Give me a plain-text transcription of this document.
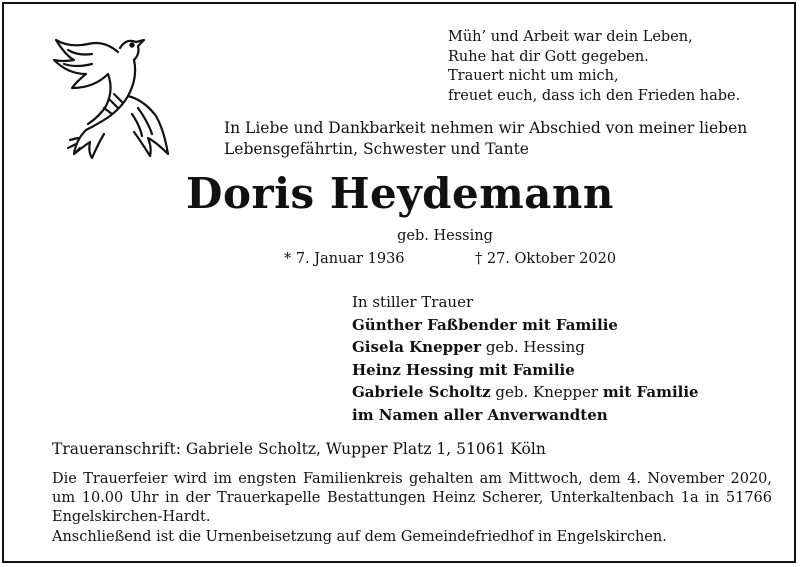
Müh’ und Arbeit war dein Leben,
Ruhe hat dir Gott gegeben.
Trauert nicht um mich,
freuet euch, dass ich den Frieden habe.
In Liebe und Dankbarkeit nehmen wir Abschied von meiner lieben
Lebensgefährtin, Schwester und Tante
Doris Heydemann
geb. Hessing
* 7. Januar 1936	† 27. Oktober 2020
In stiller Trauer
Günther Faßbender mit Familie
Gisela Knepper geb. Hessing
Heinz Hessing mit Familie
Gabriele Scholtz geb. Knepper mit Familie
im Namen aller Anverwandten
Traueranschrift: Gabriele Scholtz, Wupper Platz 1, 51061 Köln
Die Trauerfeier wird im engsten Familienkreis gehalten am Mittwoch, dem 4. November 2020, um 10.00 Uhr in der Trauerkapelle Bestattungen Heinz Scherer, Unterkaltenbach 1a in 51766 Engelskirchen-Hardt.
Anschließend ist die Urnenbeisetzung auf dem Gemeindefriedhof in Engelskirchen.
